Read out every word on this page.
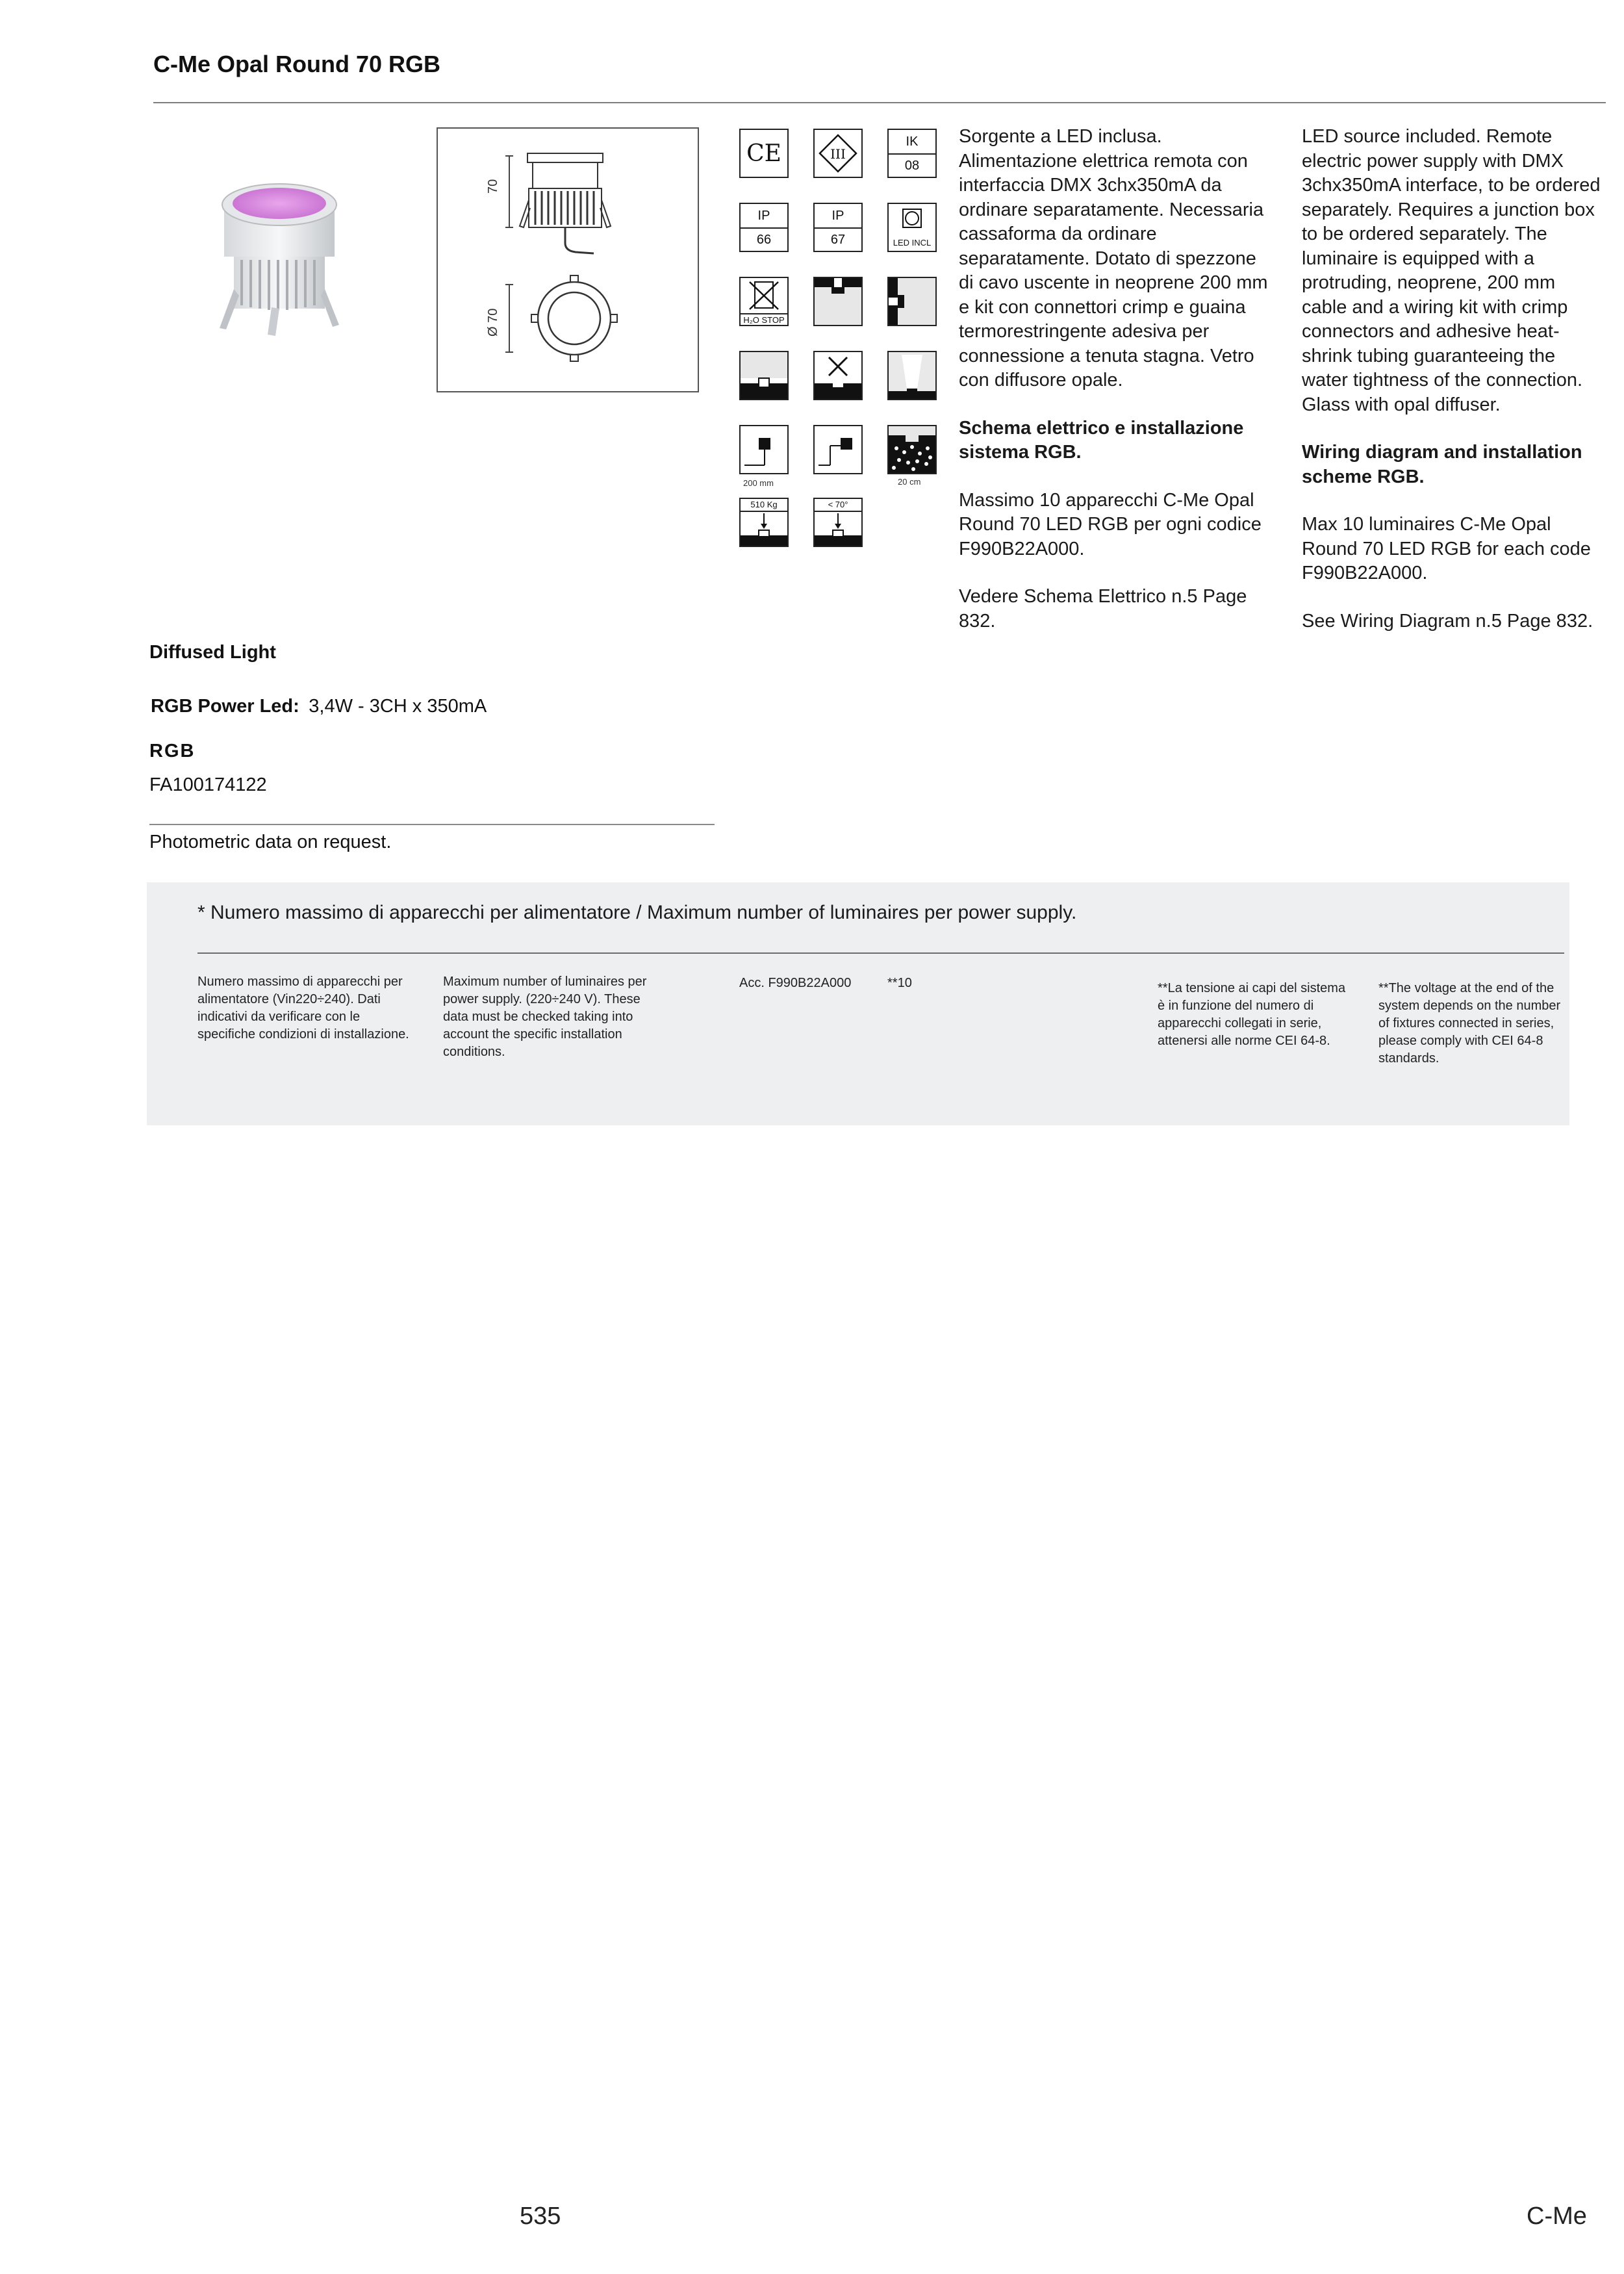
C-Me Opal Round 70 RGB
70
Ø 70
CE	III
IK
08
IP
66
IP
67	LED INCL
H₂O STOP
200 mm	20 cm
510 Kg	< 70°

Sorgente a LED inclusa. Alimentazione elettrica remota con interfaccia DMX 3chx350mA da ordinare separatamente. Necessaria cassaforma da ordinare separatamente. Dotato di spezzone di cavo uscente in neoprene 200 mm e kit con connettori crimp e guaina termorestringente adesiva per connessione a tenuta stagna. Vetro con diffusore opale.

Schema elettrico e installazione sistema RGB.

Massimo 10 apparecchi C-Me Opal Round 70 LED RGB per ogni codice F990B22A000.

Vedere Schema Elettrico n.5 Page 832.

LED source included. Remote electric power supply with DMX 3chx350mA interface, to be ordered separately. Requires a junction box to be ordered separately. The luminaire is equipped with a protruding, neoprene, 200 mm cable and a wiring kit with crimp connectors and adhesive heat-shrink tubing guaranteeing the water tightness of the connection. Glass with opal diffuser.

Wiring diagram and installation scheme RGB.

Max 10 luminaires C-Me Opal Round 70 LED RGB for each code F990B22A000.

See Wiring Diagram n.5 Page 832.

Diffused Light
RGB Power Led: 3,4W - 3CH x 350mA
RGB
FA100174122
Photometric data on request.
* Numero massimo di apparecchi per alimentatore / Maximum number of luminaires per power supply.
Numero massimo di apparecchi per alimentatore (Vin220÷240). Dati indicativi da verificare con le specifiche condizioni di installazione.
Maximum number of luminaires per power supply. (220÷240 V). These data must be checked taking into account the specific installation conditions.
Acc. F990B22A000	**10	**La tensione ai capi del sistema è in funzione del numero di apparecchi collegati in serie, attenersi alle norme CEI 64-8.
**The voltage at the end of the system depends on the number of fixtures connected in series, please comply with CEI 64-8 standards.
535	C-Me
